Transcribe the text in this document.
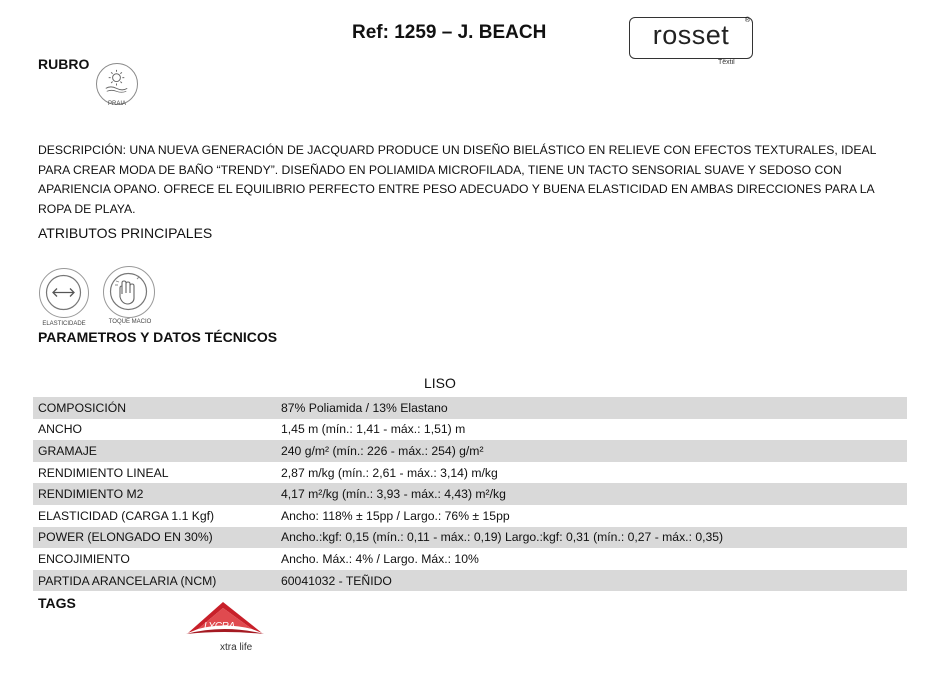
Ref: 1259 – J. BEACH	rosset	®
Têxtil
RUBRO
PRAIA
DESCRIPCIÓN: UNA NUEVA GENERACIÓN DE JACQUARD PRODUCE UN DISEÑO BIELÁSTICO EN RELIEVE CON EFECTOS TEXTURALES, IDEAL PARA CREAR MODA DE BAÑO “TRENDY”. DISEÑADO EN POLIAMIDA MICROFILADA, TIENE UN TACTO SENSORIAL SUAVE Y SEDOSO CON APARIENCIA OPANO. OFRECE EL EQUILIBRIO PERFECTO ENTRE PESO ADECUADO Y BUENA ELASTICIDAD EN AMBAS DIRECCIONES PARA LA ROPA DE PLAYA.
ATRIBUTOS PRINCIPALES
ELASTICIDADE	TOQUE MACIO
PARAMETROS Y DATOS TÉCNICOS
LISO
COMPOSICIÓN	87% Poliamida / 13% Elastano
ANCHO	1,45 m (mín.: 1,41 - máx.: 1,51) m
GRAMAJE	240 g/m² (mín.: 226 - máx.: 254) g/m²
RENDIMIENTO LINEAL	2,87 m/kg (mín.: 2,61 - máx.: 3,14) m/kg
RENDIMIENTO M2	4,17 m²/kg (mín.: 3,93 - máx.: 4,43) m²/kg
ELASTICIDAD (CARGA 1.1 Kgf)	Ancho: 118% ± 15pp / Largo.: 76% ± 15pp
POWER (ELONGADO EN 30%)	Ancho.:kgf: 0,15 (mín.: 0,11 - máx.: 0,19) Largo.:kgf: 0,31 (mín.: 0,27 - máx.: 0,35)
ENCOJIMIENTO	Ancho. Máx.: 4% / Largo. Máx.: 10%
PARTIDA ARANCELARIA (NCM)	60041032 - TEÑIDO
TAGS
LYCRA
xtra life
